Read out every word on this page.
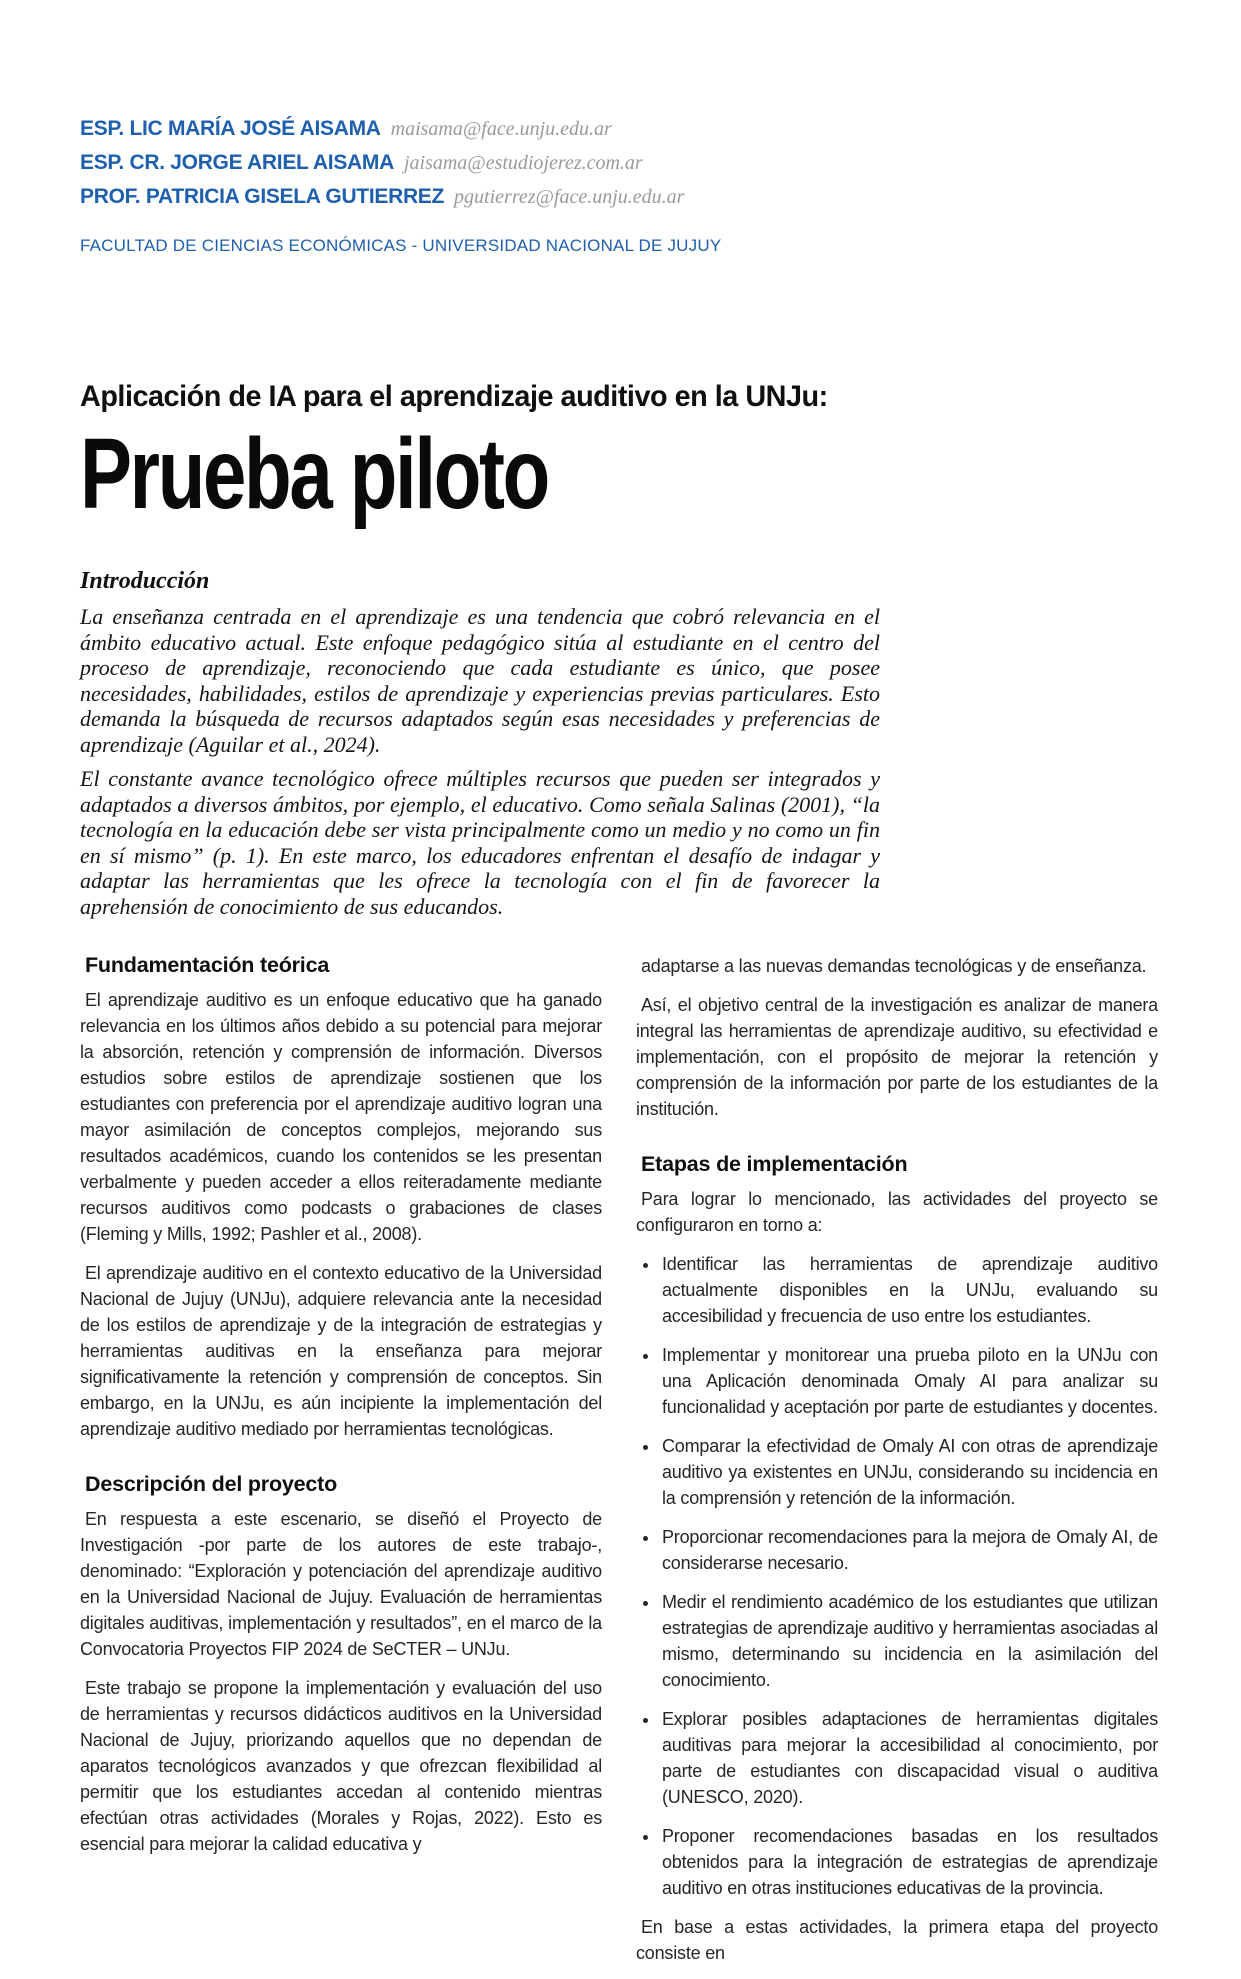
ESP. LIC MARÍA JOSÉ AISAMA maisama@face.unju.edu.ar
ESP. CR. JORGE ARIEL AISAMA jaisama@estudiojerez.com.ar
PROF. PATRICIA GISELA GUTIERREZ pgutierrez@face.unju.edu.ar
FACULTAD DE CIENCIAS ECONÓMICAS - UNIVERSIDAD NACIONAL DE JUJUY
Aplicación de IA para el aprendizaje auditivo en la UNJu:
Prueba piloto
Introducción

La enseñanza centrada en el aprendizaje es una tendencia que cobró relevancia en el ámbito educativo actual. Este enfoque pedagógico sitúa al estudiante en el centro del proceso de aprendizaje, reconociendo que cada estudiante es único, que posee necesidades, habilidades, estilos de aprendizaje y experiencias previas particulares. Esto demanda la búsqueda de recursos adaptados según esas necesidades y preferencias de aprendizaje (Aguilar et al., 2024).

El constante avance tecnológico ofrece múltiples recursos que pueden ser integrados y adaptados a diversos ámbitos, por ejemplo, el educativo. Como señala Salinas (2001), “la tecnología en la educación debe ser vista principalmente como un medio y no como un fin en sí mismo” (p. 1). En este marco, los educadores enfrentan el desafío de indagar y adaptar las herramientas que les ofrece la tecnología con el fin de favorecer la aprehensión de conocimiento de sus educandos.

Fundamentación teórica

El aprendizaje auditivo es un enfoque educativo que ha ganado relevancia en los últimos años debido a su potencial para mejorar la absorción, retención y comprensión de información. Diversos estudios sobre estilos de aprendizaje sostienen que los estudiantes con preferencia por el aprendizaje auditivo logran una mayor asimilación de conceptos complejos, mejorando sus resultados académicos, cuando los contenidos se les presentan verbalmente y pueden acceder a ellos reiteradamente mediante recursos auditivos como podcasts o grabaciones de clases (Fleming y Mills, 1992; Pashler et al., 2008).

El aprendizaje auditivo en el contexto educativo de la Universidad Nacional de Jujuy (UNJu), adquiere relevancia ante la necesidad de los estilos de aprendizaje y de la integración de estrategias y herramientas auditivas en la enseñanza para mejorar significativamente la retención y comprensión de conceptos. Sin embargo, en la UNJu, es aún incipiente la implementación del aprendizaje auditivo mediado por herramientas tecnológicas.

Descripción del proyecto

En respuesta a este escenario, se diseñó el Proyecto de Investigación -por parte de los autores de este trabajo-, denominado: “Exploración y potenciación del aprendizaje auditivo en la Universidad Nacional de Jujuy. Evaluación de herramientas digitales auditivas, implementación y resultados”, en el marco de la Convocatoria Proyectos FIP 2024 de SeCTER – UNJu.

Este trabajo se propone la implementación y evaluación del uso de herramientas y recursos didácticos auditivos en la Universidad Nacional de Jujuy, priorizando aquellos que no dependan de aparatos tecnológicos avanzados y que ofrezcan flexibilidad al permitir que los estudiantes accedan al contenido mientras efectúan otras actividades (Morales y Rojas, 2022). Esto es esencial para mejorar la calidad educativa y

adaptarse a las nuevas demandas tecnológicas y de enseñanza.

Así, el objetivo central de la investigación es analizar de manera integral las herramientas de aprendizaje auditivo, su efectividad e implementación, con el propósito de mejorar la retención y comprensión de la información por parte de los estudiantes de la institución.

Etapas de implementación

Para lograr lo mencionado, las actividades del proyecto se configuraron en torno a:

• Identificar las herramientas de aprendizaje auditivo actualmente disponibles en la UNJu, evaluando su accesibilidad y frecuencia de uso entre los estudiantes.
• Implementar y monitorear una prueba piloto en la UNJu con una Aplicación denominada Omaly AI para analizar su funcionalidad y aceptación por parte de estudiantes y docentes.
• Comparar la efectividad de Omaly AI con otras de aprendizaje auditivo ya existentes en UNJu, considerando su incidencia en la comprensión y retención de la información.
• Proporcionar recomendaciones para la mejora de Omaly AI, de considerarse necesario.
• Medir el rendimiento académico de los estudiantes que utilizan estrategias de aprendizaje auditivo y herramientas asociadas al mismo, determinando su incidencia en la asimilación del conocimiento.
• Explorar posibles adaptaciones de herramientas digitales auditivas para mejorar la accesibilidad al conocimiento, por parte de estudiantes con discapacidad visual o auditiva (UNESCO, 2020).
• Proponer recomendaciones basadas en los resultados obtenidos para la integración de estrategias de aprendizaje auditivo en otras instituciones educativas de la provincia.

En base a estas actividades, la primera etapa del proyecto consiste en
